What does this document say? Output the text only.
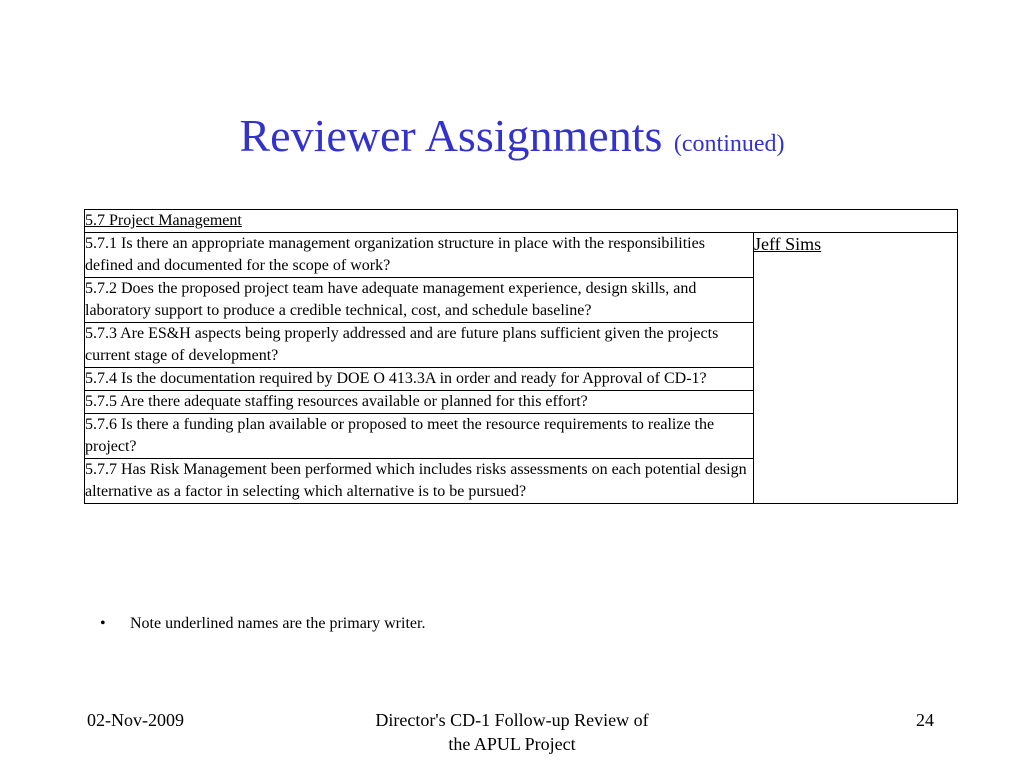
Reviewer Assignments (continued)
5.7 Project Management
5.7.1 Is there an appropriate management organization structure in place with the responsibilities defined and documented for the scope of work?	Jeff Sims
5.7.2 Does the proposed project team have adequate management experience, design skills, and laboratory support to produce a credible technical, cost, and schedule baseline?
5.7.3 Are ES&H aspects being properly addressed and are future plans sufficient given the projects current stage of development?
5.7.4 Is the documentation required by DOE O 413.3A in order and ready for Approval of CD-1?
5.7.5 Are there adequate staffing resources available or planned for this effort?
5.7.6 Is there a funding plan available or proposed to meet the resource requirements to realize the project?
5.7.7 Has Risk Management been performed which includes risks assessments on each potential design alternative as a factor in selecting which alternative is to be pursued?
• Note underlined names are the primary writer.
02-Nov-2009	Director's CD-1 Follow-up Review of
the APUL Project
24
